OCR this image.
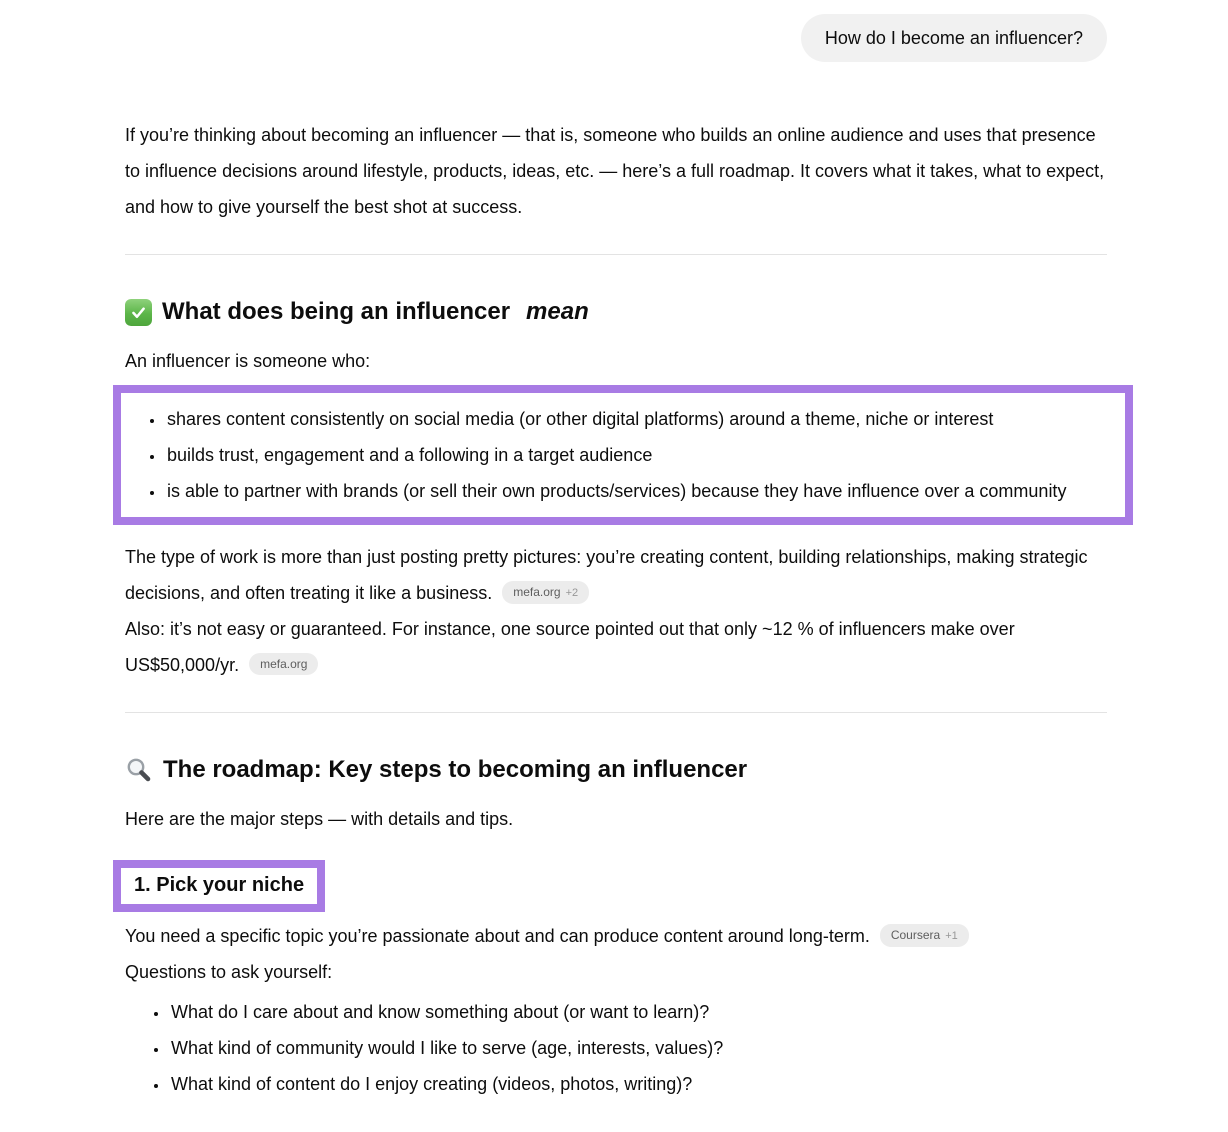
How do I become an influencer?

If you’re thinking about becoming an influencer — that is, someone who builds an online audience and uses that presence to influence decisions around lifestyle, products, ideas, etc. — here’s a full roadmap. It covers what it takes, what to expect, and how to give yourself the best shot at success.

What does being an influencer mean

An influencer is someone who:

• shares content consistently on social media (or other digital platforms) around a theme, niche or interest
• builds trust, engagement and a following in a target audience
• is able to partner with brands (or sell their own products/services) because they have influence over a community

The type of work is more than just posting pretty pictures: you’re creating content, building relationships, making strategic decisions, and often treating it like a business. mefa.org +2

Also: it’s not easy or guaranteed. For instance, one source pointed out that only ~12 % of influencers make over US$50,000/yr. mefa.org

The roadmap: Key steps to becoming an influencer

Here are the major steps — with details and tips.

1. Pick your niche

You need a specific topic you’re passionate about and can produce content around long-term. Coursera +1

Questions to ask yourself:

• What do I care about and know something about (or want to learn)?
• What kind of community would I like to serve (age, interests, values)?
• What kind of content do I enjoy creating (videos, photos, writing)?
